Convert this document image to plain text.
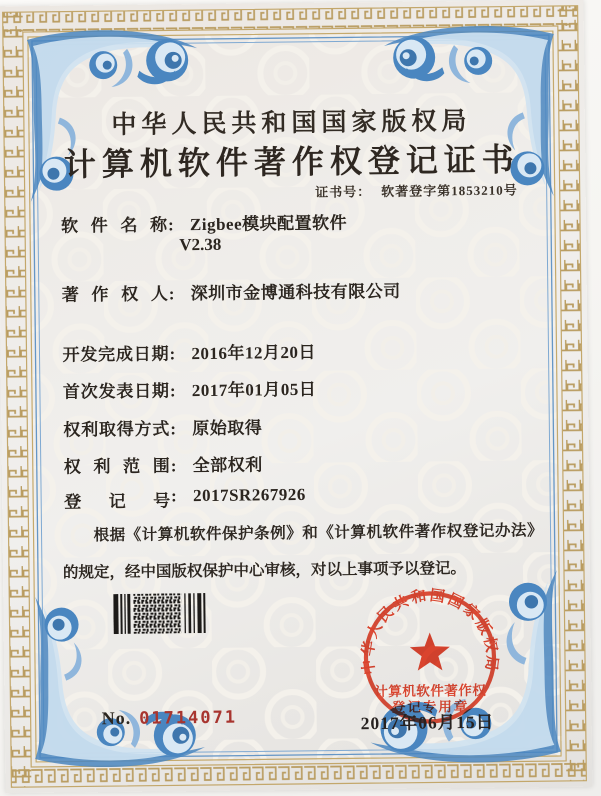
中华人民共和国国家版权局
计算机软件著作权登记证书
证书号： 软著登字第1853210号
软件名称: Zigbee模块配置软件
V2.38
著作权人: 深圳市金博通科技有限公司
开发完成日期: 2016年12月20日
首次发表日期: 2017年01月05日
权利取得方式: 原始取得
权利范围: 全部权利
登记号: 2017SR267926
根据《计算机软件保护条例》和《计算机软件著作权登记办法》的规定，经中国版权保护中心审核，对以上事项予以登记。
中华人民共和国国家版权局
计算机软件著作权
登记专用章
2017年06月15日
No. 01714071
